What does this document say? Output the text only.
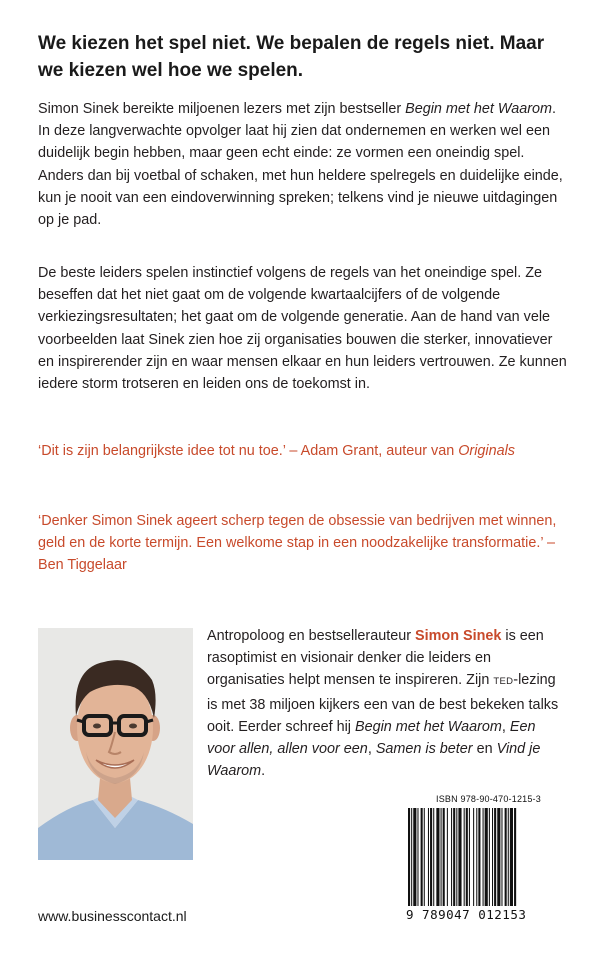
We kiezen het spel niet. We bepalen de regels niet. Maar we kiezen wel hoe we spelen.
Simon Sinek bereikte miljoenen lezers met zijn bestseller Begin met het Waarom. In deze langverwachte opvolger laat hij zien dat ondernemen en werken wel een duidelijk begin hebben, maar geen echt einde: ze vormen een oneindig spel. Anders dan bij voetbal of schaken, met hun heldere spelregels en duidelijke einde, kun je nooit van een eindoverwinning spreken; telkens vind je nieuwe uitdagingen op je pad.
De beste leiders spelen instinctief volgens de regels van het oneindige spel. Ze beseffen dat het niet gaat om de volgende kwartaalcijfers of de volgende verkiezingsresultaten; het gaat om de volgende generatie. Aan de hand van vele voorbeelden laat Sinek zien hoe zij organisaties bouwen die sterker, innovatiever en inspirerender zijn en waar mensen elkaar en hun leiders vertrouwen. Ze kunnen iedere storm trotseren en leiden ons de toekomst in.
‘Dit is zijn belangrijkste idee tot nu toe.’ – Adam Grant, auteur van Originals
‘Denker Simon Sinek ageert scherp tegen de obsessie van bedrijven met winnen, geld en de korte termijn. Een welkome stap in een noodzakelijke transformatie.’ – Ben Tiggelaar
Antropoloog en bestsellerauteur Simon Sinek is een rasoptimist en visionair denker die leiders en organisaties helpt mensen te inspireren. Zijn TED-lezing is met 38 miljoen kijkers een van de best bekeken talks ooit. Eerder schreef hij Begin met het Waarom, Een voor allen, allen voor een, Samen is beter en Vind je Waarom.
ISBN 978-90-470-1215-3
9 789047 012153
www.businesscontact.nl
